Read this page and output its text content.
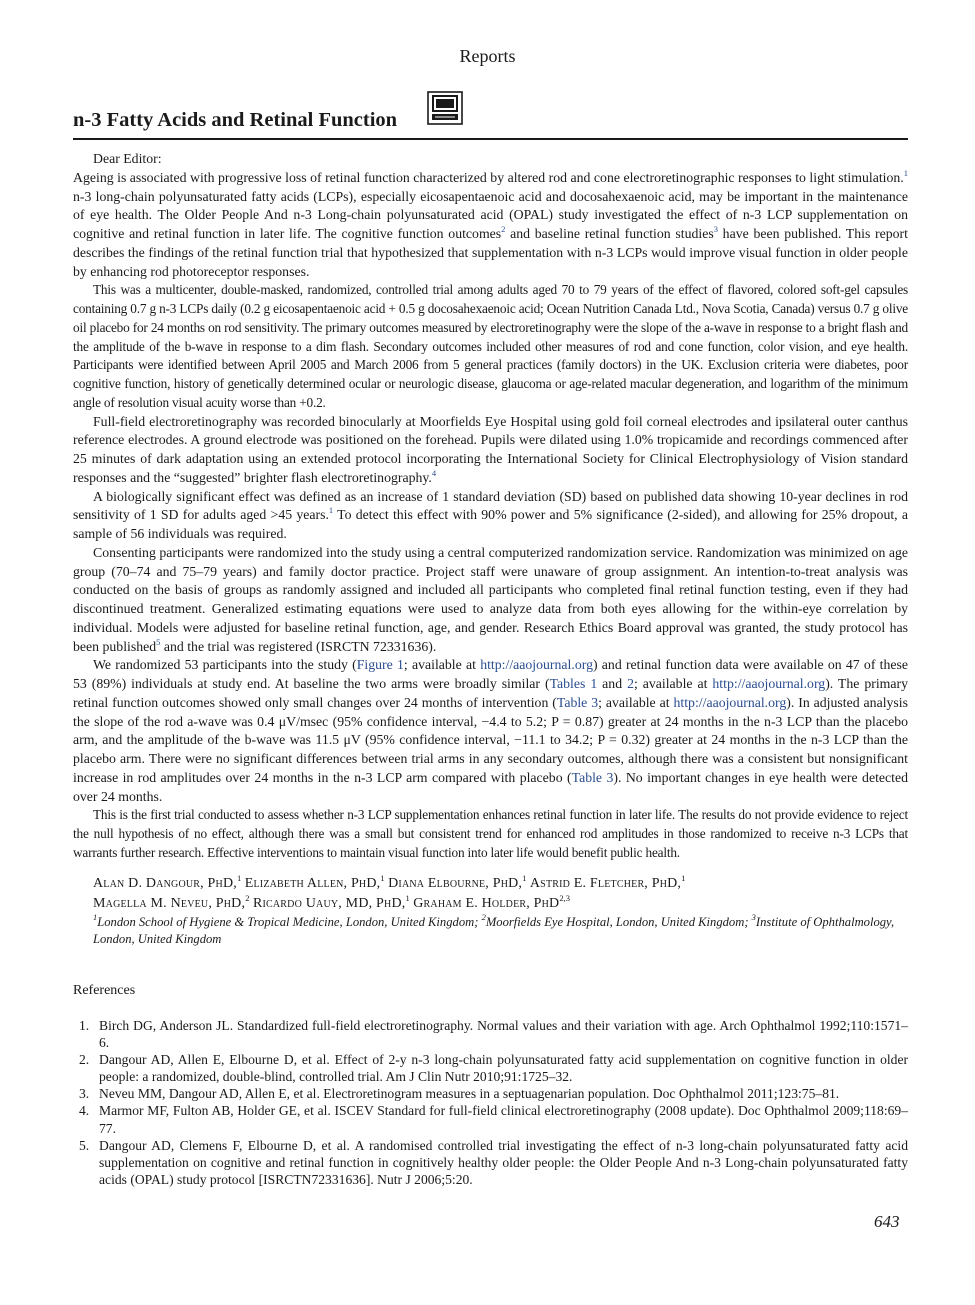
Reports
n-3 Fatty Acids and Retinal Function

Dear Editor:

Ageing is associated with progressive loss of retinal function characterized by altered rod and cone electroretinographic responses to light stimulation.$^1$ n-3 long-chain polyunsaturated fatty acids (LCPs), especially eicosapentaenoic acid and docosahexaenoic acid, may be important in the maintenance of eye health. The Older People And n-3 Long-chain polyunsaturated acid (OPAL) study investigated the effect of n-3 LCP supplementation on cognitive and retinal function in later life. The cognitive function outcomes$^2$ and baseline retinal function studies$^3$ have been published. This report describes the findings of the retinal function trial that hypothesized that supplementation with n-3 LCPs would improve visual function in older people by enhancing rod photoreceptor responses.

This was a multicenter, double-masked, randomized, controlled trial among adults aged 70 to 79 years of the effect of flavored, colored soft-gel capsules containing 0.7 g n-3 LCPs daily (0.2 g eicosapentaenoic acid + 0.5 g docosahexaenoic acid; Ocean Nutrition Canada Ltd., Nova Scotia, Canada) versus 0.7 g olive oil placebo for 24 months on rod sensitivity. The primary outcomes measured by electroretinography were the slope of the a-wave in response to a bright flash and the amplitude of the b-wave in response to a dim flash. Secondary outcomes included other measures of rod and cone function, color vision, and eye health. Participants were identified between April 2005 and March 2006 from 5 general practices (family doctors) in the UK. Exclusion criteria were diabetes, poor cognitive function, history of genetically determined ocular or neurologic disease, glaucoma or age-related macular degeneration, and logarithm of the minimum angle of resolution visual acuity worse than +0.2.

Full-field electroretinography was recorded binocularly at Moorfields Eye Hospital using gold foil corneal electrodes and ipsilateral outer canthus reference electrodes. A ground electrode was positioned on the forehead. Pupils were dilated using 1.0% tropicamide and recordings commenced after 25 minutes of dark adaptation using an extended protocol incorporating the International Society for Clinical Electrophysiology of Vision standard responses and the “suggested” brighter flash electroretinography.$^4$

A biologically significant effect was defined as an increase of 1 standard deviation (SD) based on published data showing 10-year declines in rod sensitivity of 1 SD for adults aged >45 years.$^1$ To detect this effect with 90% power and 5% significance (2-sided), and allowing for 25% dropout, a sample of 56 individuals was required.

Consenting participants were randomized into the study using a central computerized randomization service. Randomization was minimized on age group (70–74 and 75–79 years) and family doctor practice. Project staff were unaware of group assignment. An intention-to-treat analysis was conducted on the basis of groups as randomly assigned and included all participants who completed final retinal function testing, even if they had discontinued treatment. Generalized estimating equations were used to analyze data from both eyes allowing for the within-eye correlation by individual. Models were adjusted for baseline retinal function, age, and gender. Research Ethics Board approval was granted, the study protocol has been published$^5$ and the trial was registered (ISRCTN 72331636).

We randomized 53 participants into the study (Figure 1; available at http://aaojournal.org) and retinal function data were available on 47 of these 53 (89%) individuals at study end. At baseline the two arms were broadly similar (Tables 1 and 2; available at http://aaojournal.org). The primary retinal function outcomes showed only small changes over 24 months of intervention (Table 3; available at http://aaojournal.org). In adjusted analysis the slope of the rod a-wave was 0.4 μV/msec (95% confidence interval, −4.4 to 5.2; P = 0.87) greater at 24 months in the n-3 LCP than the placebo arm, and the amplitude of the b-wave was 11.5 μV (95% confidence interval, −11.1 to 34.2; P = 0.32) greater at 24 months in the n-3 LCP than the placebo arm. There were no significant differences between trial arms in any secondary outcomes, although there was a consistent but nonsignificant increase in rod amplitudes over 24 months in the n-3 LCP arm compared with placebo (Table 3). No important changes in eye health were detected over 24 months.

This is the first trial conducted to assess whether n-3 LCP supplementation enhances retinal function in later life. The results do not provide evidence to reject the null hypothesis of no effect, although there was a small but consistent trend for enhanced rod amplitudes in those randomized to receive n-3 LCPs that warrants further research. Effective interventions to maintain visual function into later life would benefit public health.

Alan D. Dangour, PhD,$^1$ Elizabeth Allen, PhD,$^1$ Diana Elbourne, PhD,$^1$ Astrid E. Fletcher, PhD,$^1$
Magella M. Neveu, PhD,$^2$ Ricardo Uauy, MD, PhD,$^1$ Graham E. Holder, PhD$^{2,3}$
$^1$London School of Hygiene & Tropical Medicine, London, United Kingdom; $^2$Moorfields Eye Hospital, London, United Kingdom; $^3$Institute of Ophthalmology, London, United Kingdom
References
1. Birch DG, Anderson JL. Standardized full-field electroretinography. Normal values and their variation with age. Arch Ophthalmol 1992;110:1571–6.
2. Dangour AD, Allen E, Elbourne D, et al. Effect of 2-y n-3 long-chain polyunsaturated fatty acid supplementation on cognitive function in older people: a randomized, double-blind, controlled trial. Am J Clin Nutr 2010;91:1725–32.
3. Neveu MM, Dangour AD, Allen E, et al. Electroretinogram measures in a septuagenarian population. Doc Ophthalmol 2011;123:75–81.
4. Marmor MF, Fulton AB, Holder GE, et al. ISCEV Standard for full-field clinical electroretinography (2008 update). Doc Ophthalmol 2009;118:69–77.
5. Dangour AD, Clemens F, Elbourne D, et al. A randomised controlled trial investigating the effect of n-3 long-chain polyunsaturated fatty acid supplementation on cognitive and retinal function in cognitively healthy older people: the Older People And n-3 Long-chain polyunsaturated fatty acids (OPAL) study protocol [ISRCTN72331636]. Nutr J 2006;5:20.
643
